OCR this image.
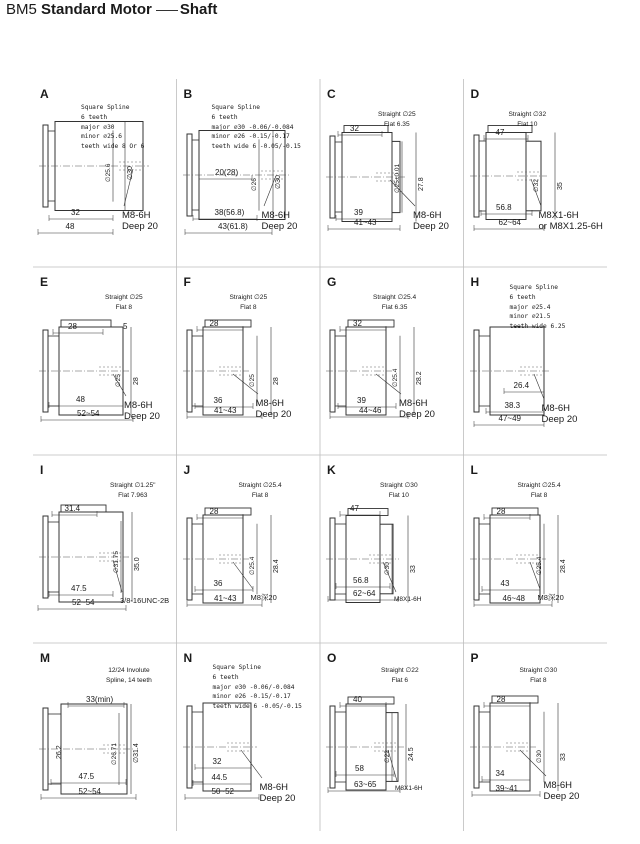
BM5 Standard Motor Shaft
A
Square Spline
6 teeth
major ∅30
minor ∅25.6
teeth wide 8 Or 6
32
48
∅25.6 ∅30
M8-6H
Deep 20
B
Square Spline
6 teeth
major ∅30 -0.06/-0.084
minor ∅26 -0.15/-0.17
teeth wide 6 -0.05/-0.15
20(28)
38(56.8)
43(61.8)
∅26 ∅30
M8-6H
Deep 20
C
Straight ∅25
Flat 6.35
32
39
41~43
∅25±0.01 27.8
M8-6H
Deep 20
D
Straight ∅32
Flat 10
47
56.8
62~64
∅32 35
M8X1-6H
or M8X1.25-6H
E
Straight ∅25
Flat 8
28
48
52~54
5
∅25 28
M8-6H
Deep 20
F
Straight ∅25
Flat 8
28
36
41~43
∅25 28
M8-6H
Deep 20
G
Straight ∅25.4
Flat 6.35
32
39
44~46
∅25.4 28.2
M8-6H
Deep 20
H	Square Spline
6 teeth
major ∅25.4
minor ∅21.5
teeth wide 6.25
26.4
38.3
47~49
M8-6H
Deep 20
I
Straight ∅1.25"
Flat 7.963
31.4
47.5
52~54
∅31.75 35.0
3/8-16UNC-2B
J
Straight ∅25.4
Flat 8
28
36
41~43
∅25.4 28.4
M8深20
K
Straight ∅30
Flat 10
47
56.8
62~64
∅30	33
M8X1-6H
L
Straight ∅25.4
Flat 8
28
43
46~48
∅25.4 28.4
M8深20
M
12/24 Involute
Spline, 14 teeth
33(min)
47.5
52~54
∅26.71 ∅31.4
26.2
N
Square Spline
6 teeth
major ∅30 -0.06/-0.084
minor ∅26 -0.15/-0.17
teeth wide 6 -0.05/-0.15
32
44.5
50~52	M8-6H
Deep 20
O
Straight ∅22
Flat 6
40
58
63~65
∅22 24.5
M8X1-6H
P
Straight ∅30
Flat 8
28
34
39~41
∅30 33
M8-6H
Deep 20
